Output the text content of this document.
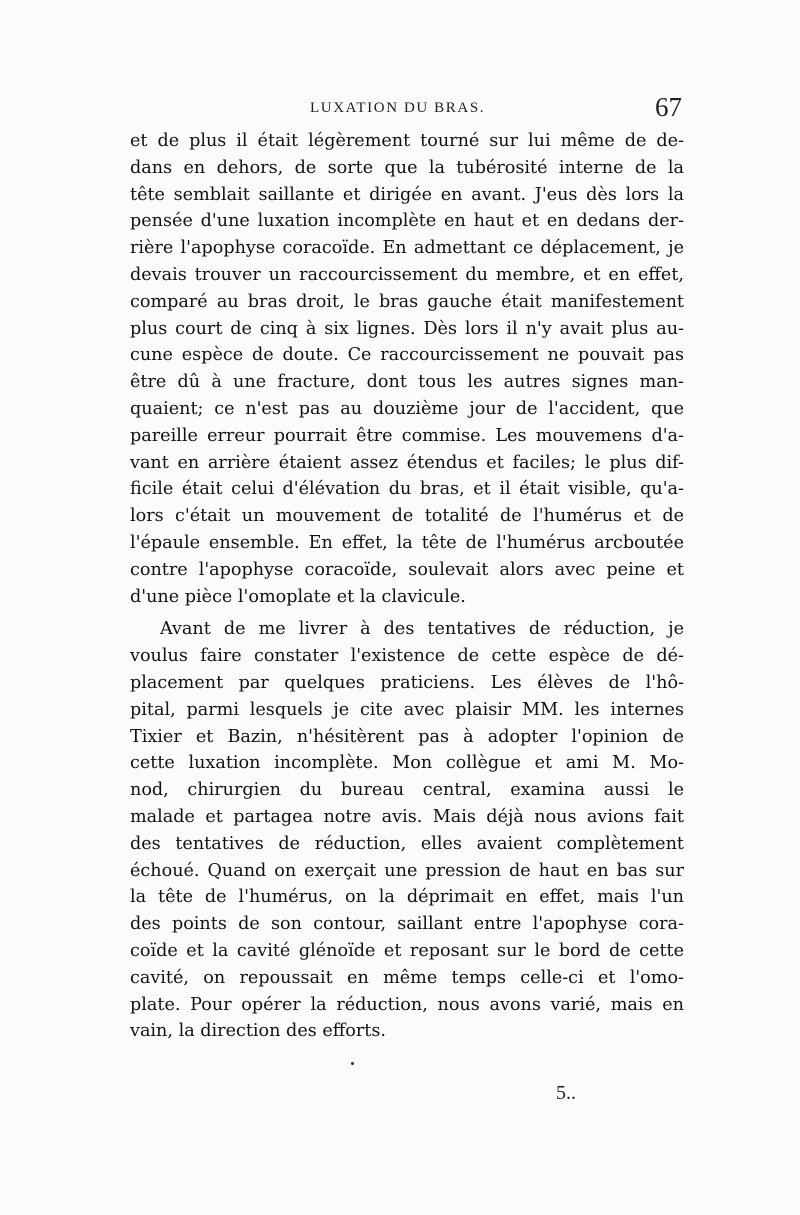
LUXATION DU BRAS.	67
et de plus il était légèrement tourné sur lui même de de-
dans en dehors, de sorte que la tubérosité interne de la
tête semblait saillante et dirigée en avant. J'eus dès lors la
pensée d'une luxation incomplète en haut et en dedans der-
rière l'apophyse coracoïde. En admettant ce déplacement, je
devais trouver un raccourcissement du membre, et en effet,
comparé au bras droit, le bras gauche était manifestement
plus court de cinq à six lignes. Dès lors il n'y avait plus au-
cune espèce de doute. Ce raccourcissement ne pouvait pas
être dû à une fracture, dont tous les autres signes man-
quaient; ce n'est pas au douzième jour de l'accident, que
pareille erreur pourrait être commise. Les mouvemens d'a-
vant en arrière étaient assez étendus et faciles; le plus dif-
ficile était celui d'élévation du bras, et il était visible, qu'a-
lors c'était un mouvement de totalité de l'humérus et de
l'épaule ensemble. En effet, la tête de l'humérus arcboutée
contre l'apophyse coracoïde, soulevait alors avec peine et
d'une pièce l'omoplate et la clavicule.
Avant de me livrer à des tentatives de réduction, je
voulus faire constater l'existence de cette espèce de dé-
placement par quelques praticiens. Les élèves de l'hô-
pital, parmi lesquels je cite avec plaisir MM. les internes
Tixier et Bazin, n'hésitèrent pas à adopter l'opinion de
cette luxation incomplète. Mon collègue et ami M. Mo-
nod, chirurgien du bureau central, examina aussi le
malade et partagea notre avis. Mais déjà nous avions fait
des tentatives de réduction, elles avaient complètement
échoué. Quand on exerçait une pression de haut en bas sur
la tête de l'humérus, on la déprimait en effet, mais l'un
des points de son contour, saillant entre l'apophyse cora-
coïde et la cavité glénoïde et reposant sur le bord de cette
cavité, on repoussait en même temps celle-ci et l'omo-
plate. Pour opérer la réduction, nous avons varié, mais en
vain, la direction des efforts.
5..
